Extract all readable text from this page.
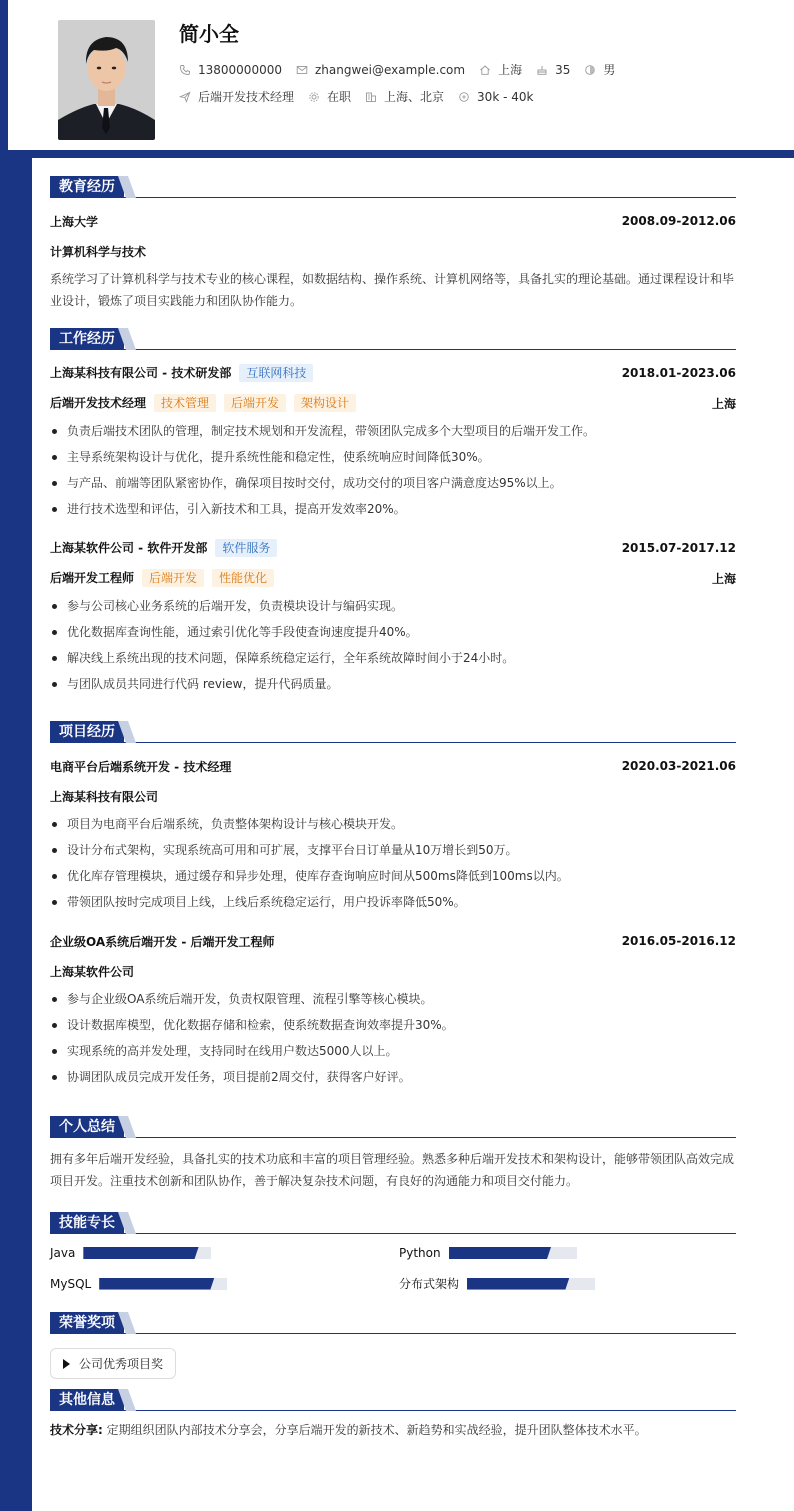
简小全
13800000000	zhangwei@example.com	上海	35	男
后端开发技术经理	在职	上海、北京	30k - 40k
教育经历
上海大学	2008.09-2012.06
计算机科学与技术

系统学习了计算机科学与技术专业的核心课程，如数据结构、操作系统、计算机网络等，具备扎实的理论基础。通过课程设计和毕业设计，锻炼了项目实践能力和团队协作能力。

工作经历
上海某科技有限公司 - 技术研发部 互联网科技	2018.01-2023.06
后端开发技术经理 技术管理 后端开发 架构设计	上海
负责后端技术团队的管理，制定技术规划和开发流程，带领团队完成多个大型项目的后端开发工作。
主导系统架构设计与优化，提升系统性能和稳定性，使系统响应时间降低30%。
与产品、前端等团队紧密协作，确保项目按时交付，成功交付的项目客户满意度达95%以上。
进行技术选型和评估，引入新技术和工具，提高开发效率20%。
上海某软件公司 - 软件开发部 软件服务	2015.07-2017.12
后端开发工程师 后端开发 性能优化	上海
参与公司核心业务系统的后端开发，负责模块设计与编码实现。
优化数据库查询性能，通过索引优化等手段使查询速度提升40%。
解决线上系统出现的技术问题，保障系统稳定运行，全年系统故障时间小于24小时。
与团队成员共同进行代码 review，提升代码质量。
项目经历
电商平台后端系统开发 - 技术经理	2020.03-2021.06
上海某科技有限公司
项目为电商平台后端系统，负责整体架构设计与核心模块开发。
设计分布式架构，实现系统高可用和可扩展，支撑平台日订单量从10万增长到50万。
优化库存管理模块，通过缓存和异步处理，使库存查询响应时间从500ms降低到100ms以内。
带领团队按时完成项目上线，上线后系统稳定运行，用户投诉率降低50%。
企业级OA系统后端开发 - 后端开发工程师	2016.05-2016.12
上海某软件公司
参与企业级OA系统后端开发，负责权限管理、流程引擎等核心模块。
设计数据库模型，优化数据存储和检索，使系统数据查询效率提升30%。
实现系统的高并发处理，支持同时在线用户数达5000人以上。
协调团队成员完成开发任务，项目提前2周交付，获得客户好评。
个人总结

拥有多年后端开发经验，具备扎实的技术功底和丰富的项目管理经验。熟悉多种后端开发技术和架构设计，能够带领团队高效完成项目开发。注重技术创新和团队协作，善于解决复杂技术问题，有良好的沟通能力和项目交付能力。

技能专长
Java	Python
MySQL	分布式架构
荣誉奖项
公司优秀项目奖
其他信息

技术分享: 定期组织团队内部技术分享会，分享后端开发的新技术、新趋势和实战经验，提升团队整体技术水平。
